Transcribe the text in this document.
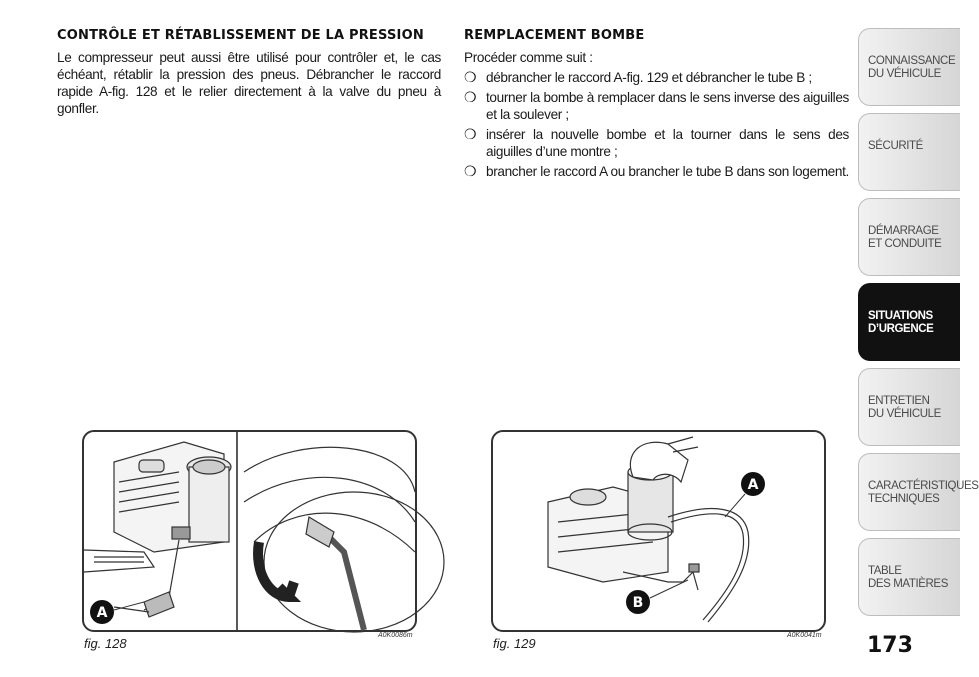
CONTRÔLE ET RÉTABLISSEMENT DE LA PRESSION

Le compresseur peut aussi être utilisé pour contrôler et, le cas échéant, rétablir la pression des pneus. Débrancher le raccord rapide A-fig. 128 et le relier directement à la valve du pneu à gonfler.

REMPLACEMENT BOMBE

Procéder comme suit :

❍ débrancher le raccord A-fig. 129 et débrancher le tube B ;
❍ tourner la bombe à remplacer dans le sens inverse des aiguilles et la soulever ;
❍ insérer la nouvelle bombe et la tourner dans le sens des aiguilles d’une montre ;
❍ brancher le raccord A ou brancher le tube B dans son logement.
A
fig. 128
A0K0086m
A
B
fig. 129
A0K0041m 173
CONNAISSANCE
DU VÉHICULE
SÉCURITÉ
DÉMARRAGE
ET CONDUITE
SITUATIONS
D’URGENCE
ENTRETIEN
DU VÉHICULE
CARACTÉRISTIQUES
TECHNIQUES
TABLE
DES MATIÈRES
